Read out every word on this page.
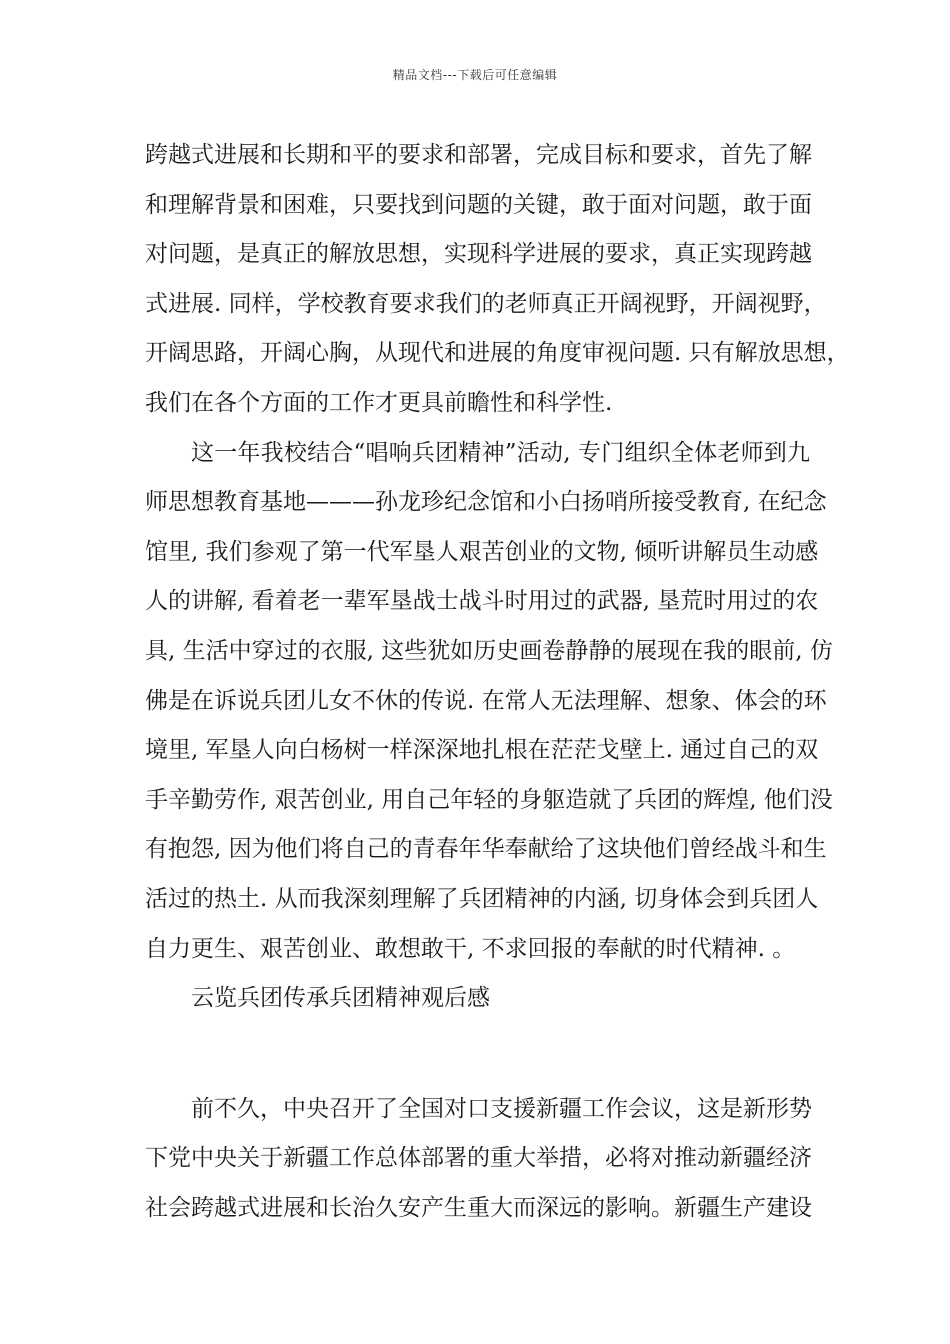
精品文档---下载后可任意编辑
跨越式进展和长期和平的要求和部署，完成目标和要求，首先了解
和理解背景和困难，只要找到问题的关键，敢于面对问题，敢于面
对问题，是真正的解放思想，实现科学进展的要求，真正实现跨越
式进展. 同样，学校教育要求我们的老师真正开阔视野，开阔视野，
开阔思路，开阔心胸，从现代和进展的角度审视问题. 只有解放思想，
我们在各个方面的工作才更具前瞻性和科学性.
这一年我校结合“唱响兵团精神”活动, 专门组织全体老师到九
师思想教育基地———孙龙珍纪念馆和小白扬哨所接受教育, 在纪念
馆里, 我们参观了第一代军垦人艰苦创业的文物, 倾听讲解员生动感
人的讲解, 看着老一辈军垦战士战斗时用过的武器, 垦荒时用过的农
具, 生活中穿过的衣服, 这些犹如历史画卷静静的展现在我的眼前, 仿
佛是在诉说兵团儿女不休的传说. 在常人无法理解、想象、体会的环
境里, 军垦人向白杨树一样深深地扎根在茫茫戈壁上. 通过自己的双
手辛勤劳作, 艰苦创业, 用自己年轻的身躯造就了兵团的辉煌, 他们没
有抱怨, 因为他们将自己的青春年华奉献给了这块他们曾经战斗和生
活过的热土. 从而我深刻理解了兵团精神的内涵, 切身体会到兵团人
自力更生、艰苦创业、敢想敢干, 不求回报的奉献的时代精神. 。
云览兵团传承兵团精神观后感
前不久，中央召开了全国对口支援新疆工作会议，这是新形势
下党中央关于新疆工作总体部署的重大举措，必将对推动新疆经济
社会跨越式进展和长治久安产生重大而深远的影响。新疆生产建设
